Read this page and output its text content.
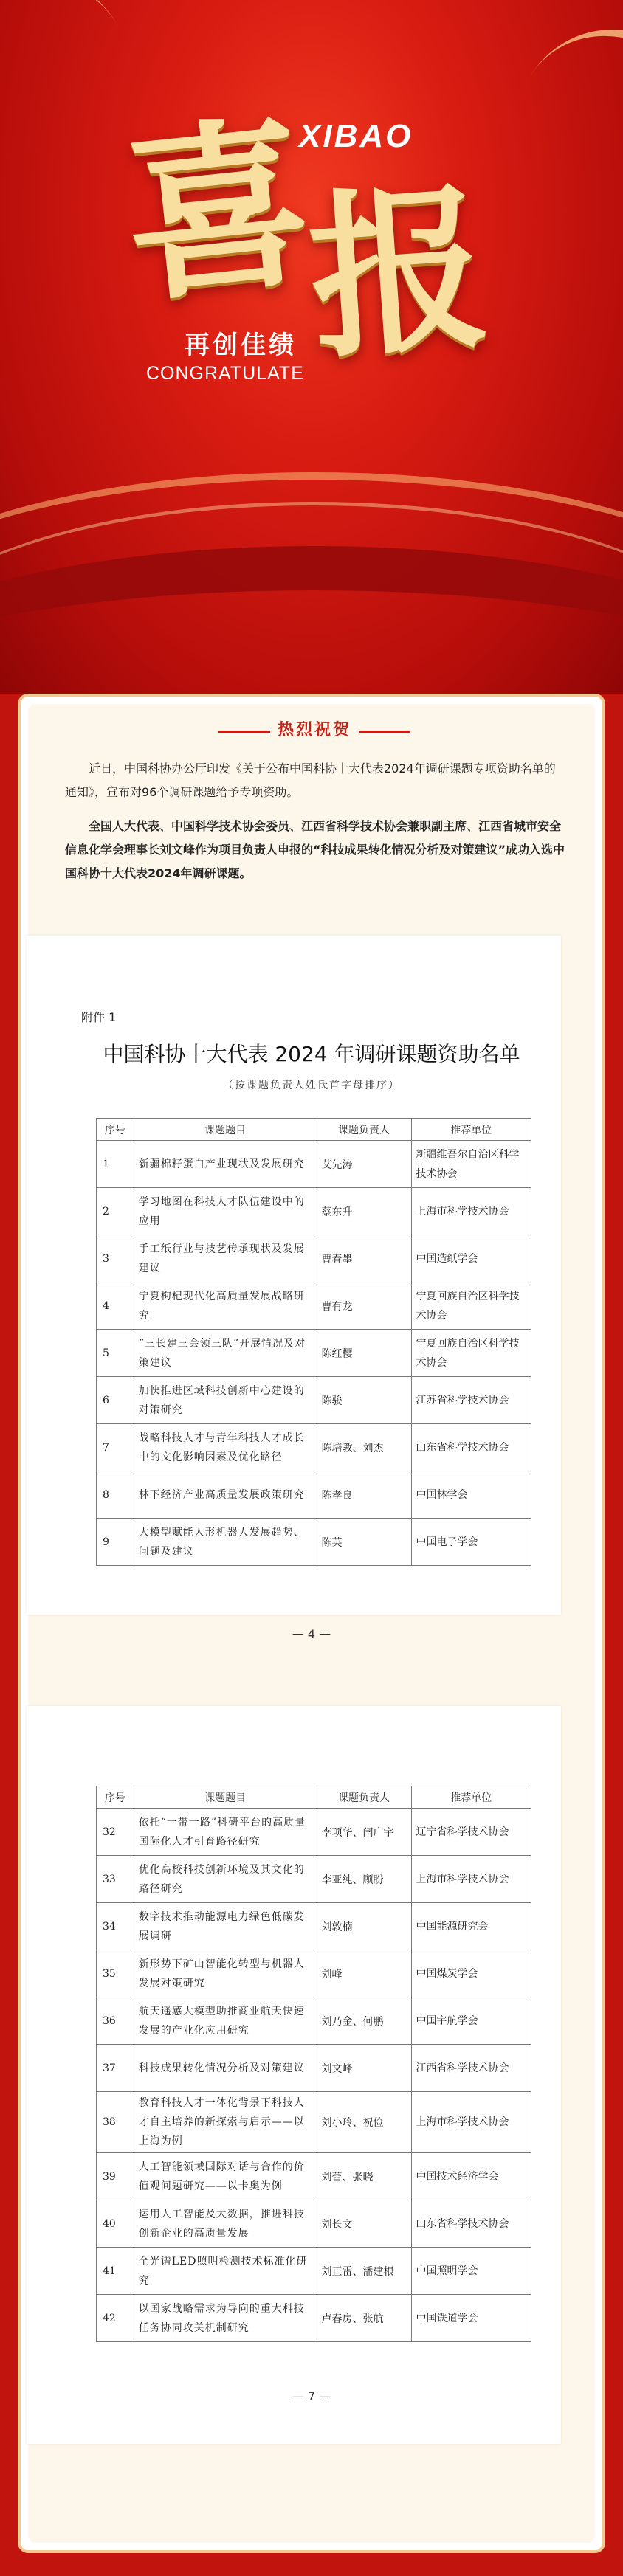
XIBAO
喜
报
再创佳绩
CONGRATULATE
热烈祝贺
近日，中国科协办公厅印发《关于公布中国科协十大代表2024年调研课题专项资助名单的通知》，宣布对96个调研课题给予专项资助。
全国人大代表、中国科学技术协会委员、江西省科学技术协会兼职副主席、江西省城市安全信息化学会理事长刘文峰作为项目负责人申报的“科技成果转化情况分析及对策建议”成功入选中国科协十大代表2024年调研课题。
附件 1
中国科协十大代表 2024 年调研课题资助名单
（按课题负责人姓氏首字母排序）
序号	课题题目	课题负责人	推荐单位
1	新疆棉籽蛋白产业现状及发展研究	艾先涛	新疆维吾尔自治区科学技术协会
2	学习地图在科技人才队伍建设中的应用	蔡东升	上海市科学技术协会
3	手工纸行业与技艺传承现状及发展建议	曹春墨	中国造纸学会
4	宁夏枸杞现代化高质量发展战略研究	曹有龙	宁夏回族自治区科学技术协会
5	“三长建三会领三队”开展情况及对策建议	陈红樱	宁夏回族自治区科学技术协会
6	加快推进区域科技创新中心建设的对策研究	陈骏	江苏省科学技术协会
7	战略科技人才与青年科技人才成长中的文化影响因素及优化路径	陈培教、刘杰	山东省科学技术协会
8	林下经济产业高质量发展政策研究	陈孝良	中国林学会
9	大模型赋能人形机器人发展趋势、问题及建议	陈英	中国电子学会
— 4 —
序号	课题题目	课题负责人	推荐单位
32	依托“一带一路”科研平台的高质量国际化人才引育路径研究	李项华、闫广宇	辽宁省科学技术协会
33	优化高校科技创新环境及其文化的路径研究	李亚纯、顾盼	上海市科学技术协会
34	数字技术推动能源电力绿色低碳发展调研	刘敦楠	中国能源研究会
35	新形势下矿山智能化转型与机器人发展对策研究	刘峰	中国煤炭学会
36	航天遥感大模型助推商业航天快速发展的产业化应用研究	刘乃金、何鹏	中国宇航学会
37	科技成果转化情况分析及对策建议	刘文峰	江西省科学技术协会
38	教育科技人才一体化背景下科技人才自主培养的新探索与启示——以上海为例	刘小玲、祝俭	上海市科学技术协会
39	人工智能领域国际对话与合作的价值观问题研究——以卡奥为例	刘蕾、张晓	中国技术经济学会
40	运用人工智能及大数据，推进科技创新企业的高质量发展	刘长文	山东省科学技术协会
41	全光谱LED照明检测技术标准化研究	刘正雷、潘建根	中国照明学会
42	以国家战略需求为导向的重大科技任务协同攻关机制研究	卢春房、张航	中国铁道学会
— 7 —
